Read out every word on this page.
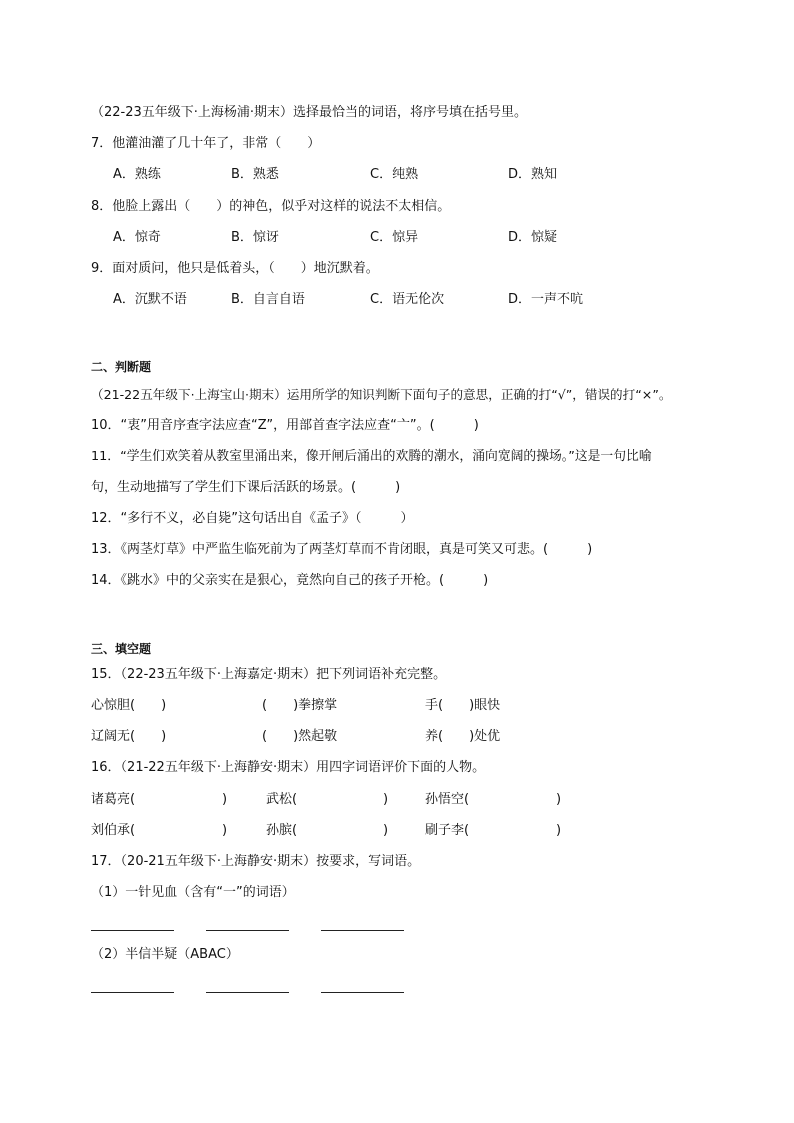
（22-23五年级下·上海杨浦·期末）选择最恰当的词语，将序号填在括号里。
7．他灌油灌了几十年了，非常（　　）
A．熟练	B．熟悉	C．纯熟	D．熟知
8．他脸上露出（　　）的神色，似乎对这样的说法不太相信。
A．惊奇	B．惊讶	C．惊异	D．惊疑
9．面对质问，他只是低着头，（　　）地沉默着。
A．沉默不语	B．自言自语	C．语无伦次	D．一声不吭
二、判断题
（21-22五年级下·上海宝山·期末）运用所学的知识判断下面句子的意思，正确的打“√”，错误的打“×”。
10．“衷”用音序查字法应查“Z”，用部首查字法应查“亠”。(　　　)
11．“学生们欢笑着从教室里涌出来，像开闸后涌出的欢腾的潮水，涌向宽阔的操场。”这是一句比喻
句，生动地描写了学生们下课后活跃的场景。(　　　)
12．“多行不义，必自毙”这句话出自《孟子》（　　　）
13．《两茎灯草》中严监生临死前为了两茎灯草而不肯闭眼，真是可笑又可悲。(　　　)
14．《跳水》中的父亲实在是狠心，竟然向自己的孩子开枪。(　　　)
三、填空题
15．（22-23五年级下·上海嘉定·期末）把下列词语补充完整。
心惊胆(　　)	(　　)拳擦掌	手(　　)眼快
辽阔无(　　)	(　　)然起敬	养(　　)处优
16．（21-22五年级下·上海静安·期末）用四字词语评价下面的人物。
诸葛亮(	)	武松(	)	孙悟空(	)
刘伯承(	)	孙膑(	)	刷子李(	)
17．（20-21五年级下·上海静安·期末）按要求，写词语。
（1）一针见血（含有“一”的词语）
（2）半信半疑（ABAC）
